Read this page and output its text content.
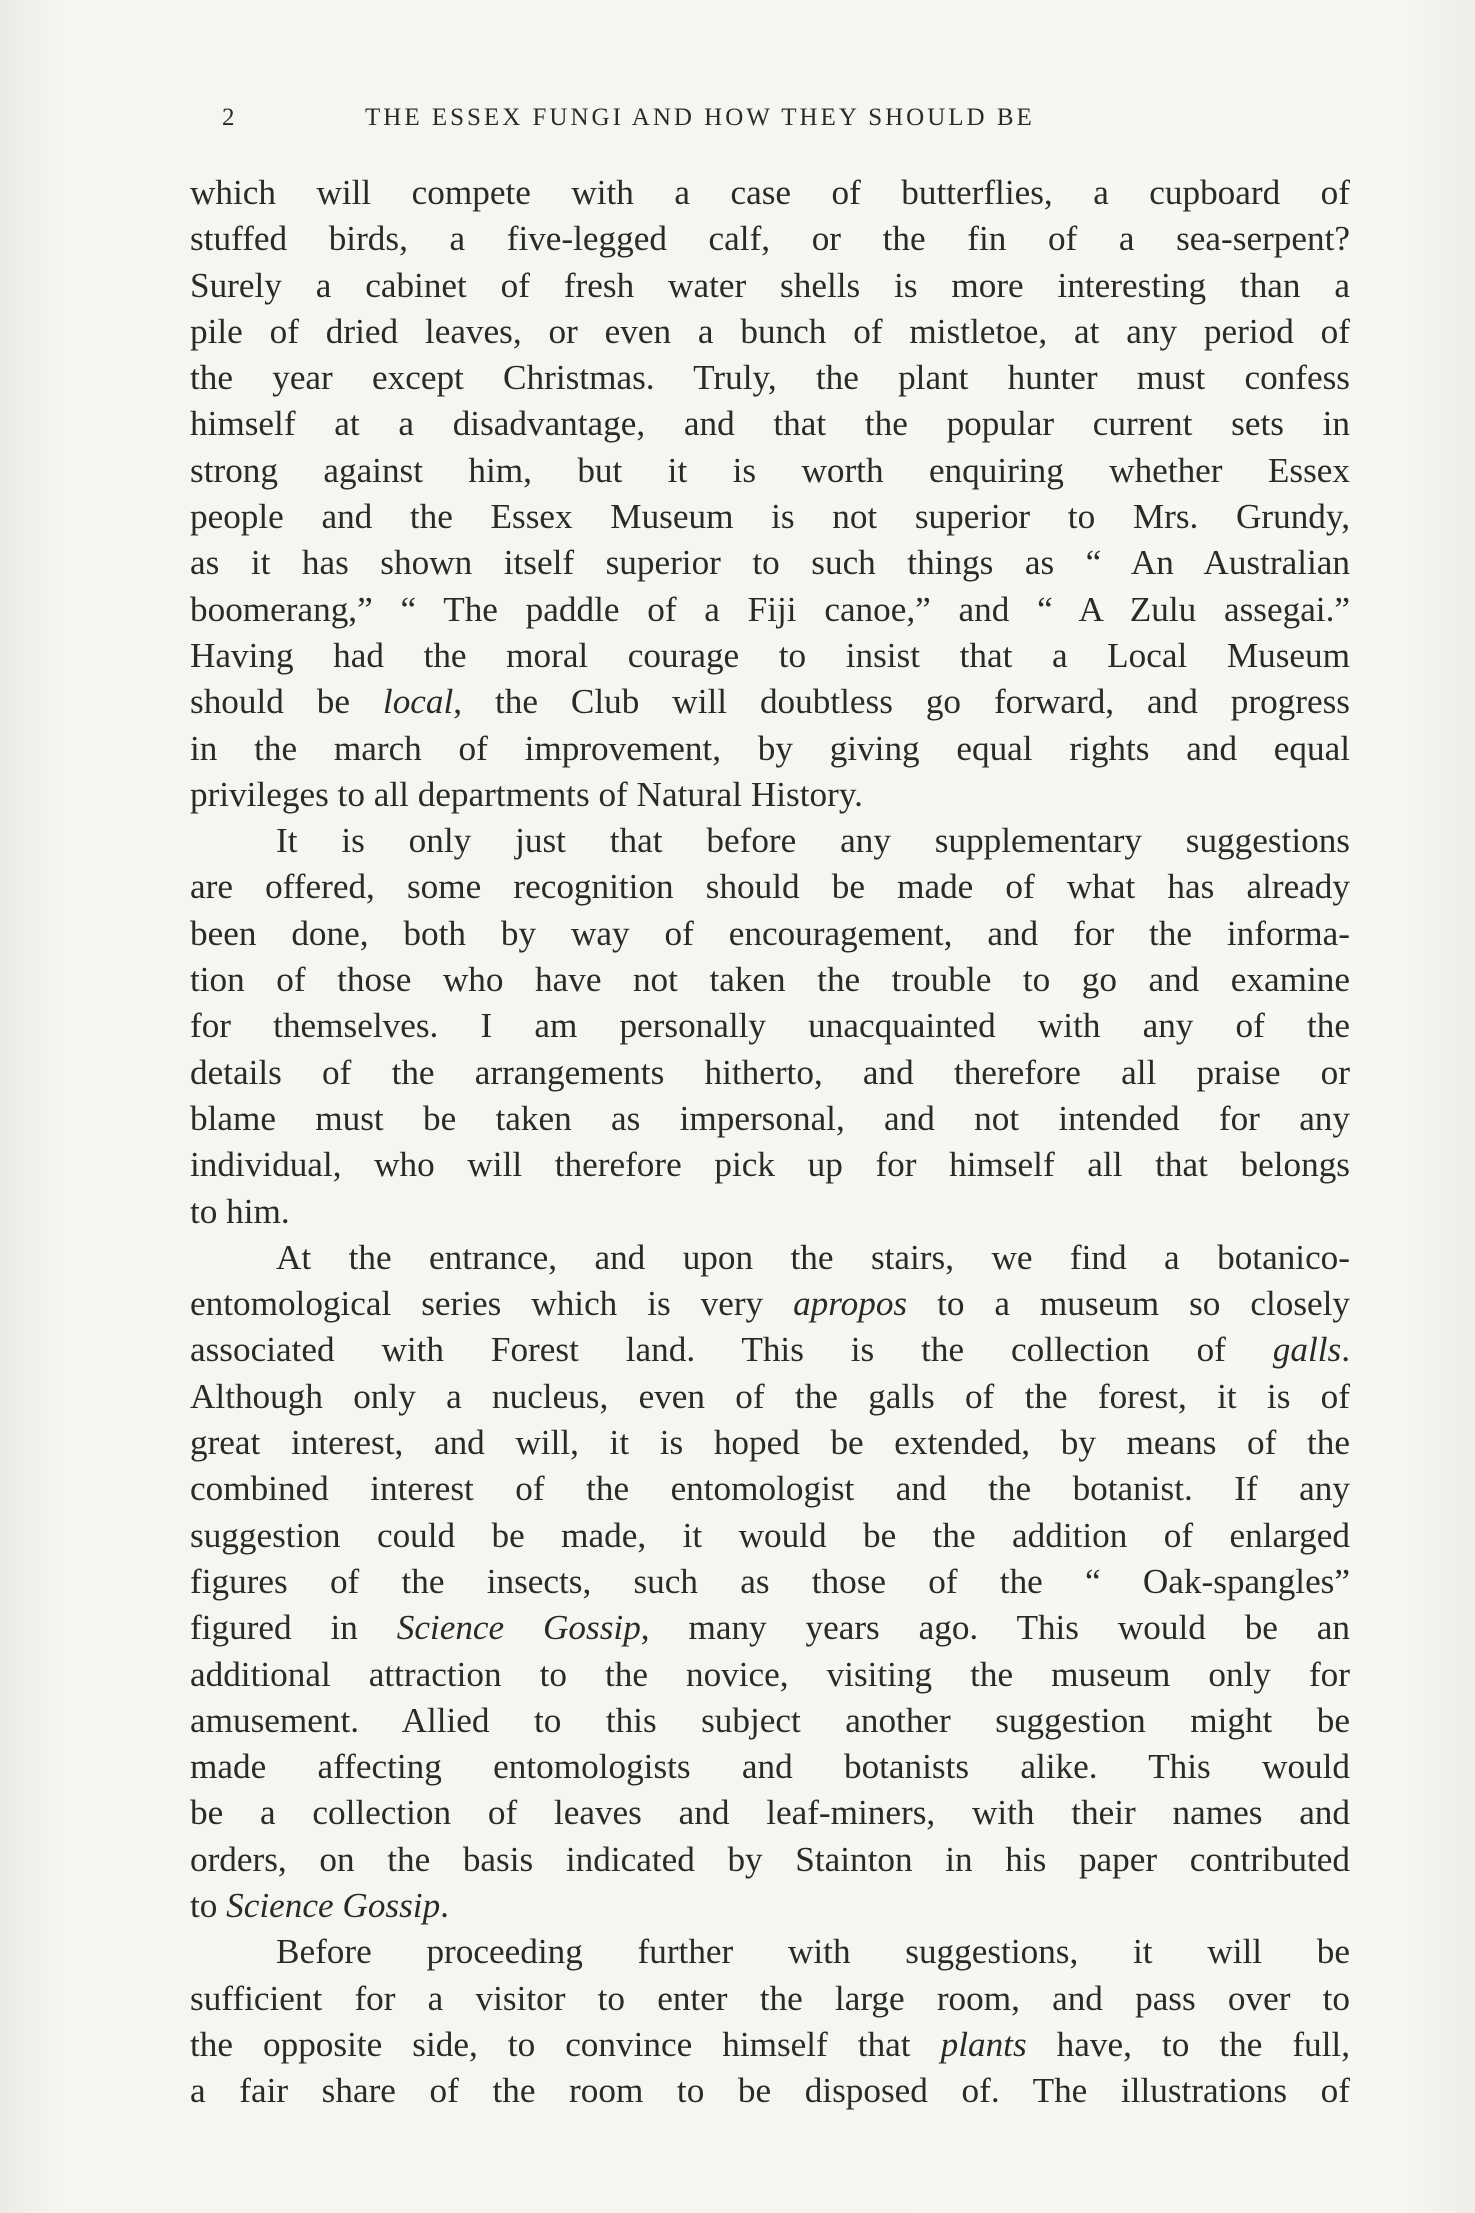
2	THE ESSEX FUNGI AND HOW THEY SHOULD BE
which will compete with a case of butterflies, a cupboard of
stuffed birds, a five-legged calf, or the fin of a sea-serpent?
Surely a cabinet of fresh water shells is more interesting than a
pile of dried leaves, or even a bunch of mistletoe, at any period of
the year except Christmas. Truly, the plant hunter must confess
himself at a disadvantage, and that the popular current sets in
strong against him, but it is worth enquiring whether Essex
people and the Essex Museum is not superior to Mrs. Grundy,
as it has shown itself superior to such things as “ An Australian
boomerang,” “ The paddle of a Fiji canoe,” and “ A Zulu assegai.”
Having had the moral courage to insist that a Local Museum
should be local, the Club will doubtless go forward, and progress
in the march of improvement, by giving equal rights and equal
privileges to all departments of Natural History.
It is only just that before any supplementary suggestions
are offered, some recognition should be made of what has already
been done, both by way of encouragement, and for the informa-
tion of those who have not taken the trouble to go and examine
for themselves. I am personally unacquainted with any of the
details of the arrangements hitherto, and therefore all praise or
blame must be taken as impersonal, and not intended for any
individual, who will therefore pick up for himself all that belongs
to him.
At the entrance, and upon the stairs, we find a botanico-
entomological series which is very apropos to a museum so closely
associated with Forest land. This is the collection of galls.
Although only a nucleus, even of the galls of the forest, it is of
great interest, and will, it is hoped be extended, by means of the
combined interest of the entomologist and the botanist. If any
suggestion could be made, it would be the addition of enlarged
figures of the insects, such as those of the “ Oak-spangles”
figured in Science Gossip, many years ago. This would be an
additional attraction to the novice, visiting the museum only for
amusement. Allied to this subject another suggestion might be
made affecting entomologists and botanists alike. This would
be a collection of leaves and leaf-miners, with their names and
orders, on the basis indicated by Stainton in his paper contributed
to Science Gossip.
Before proceeding further with suggestions, it will be
sufficient for a visitor to enter the large room, and pass over to
the opposite side, to convince himself that plants have, to the full,
a fair share of the room to be disposed of. The illustrations of
